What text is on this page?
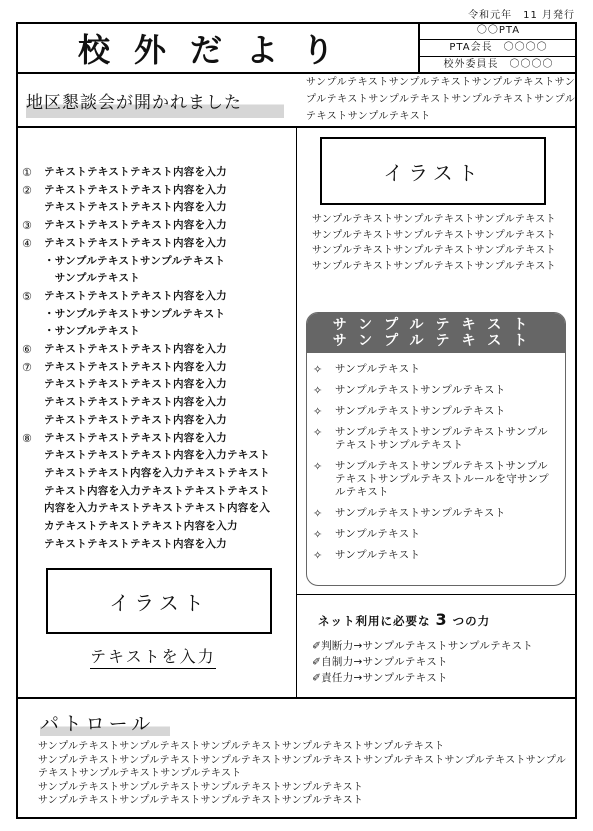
令和元年　11 月発行
校外だより
〇〇PTA
PTA会長　〇〇〇〇
校外委員長　〇〇〇〇
地区懇談会が開かれました
サンプルテキストサンプルテキストサンプルテキストサンプルテキストサンプルテキストサンプルテキストサンプルテキストサンプルテキスト
①	テキストテキストテキスト内容を入力
②	テキストテキストテキスト内容を入力
テキストテキストテキスト内容を入力
③	テキストテキストテキスト内容を入力
④	テキストテキストテキスト内容を入力
・サンプルテキストサンプルテキスト
　サンプルテキスト
⑤	テキストテキストテキスト内容を入力
・サンプルテキストサンプルテキスト
・サンプルテキスト
⑥	テキストテキストテキスト内容を入力
⑦	テキストテキストテキスト内容を入力
テキストテキストテキスト内容を入力
テキストテキストテキスト内容を入力
テキストテキストテキスト内容を入力
⑧	テキストテキストテキスト内容を入力
テキストテキストテキスト内容を入力テキスト
テキストテキスト内容を入力テキストテキスト
テキスト内容を入力テキストテキストテキスト
内容を入力テキストテキストテキスト内容を入
カテキストテキストテキスト内容を入力
テキストテキストテキスト内容を入力
イラスト
テキストを入力
イラスト
サンプルテキストサンプルテキストサンプルテキストサンプルテキストサンプルテキストサンプルテキストサンプルテキストサンプルテキストサンプルテキストサンプルテキストサンプルテキストサンプルテキスト
サンプルテキスト
サンプルテキスト
✧	サンプルテキスト
✧	サンプルテキストサンプルテキスト
✧	サンプルテキストサンプルテキスト
✧	サンプルテキストサンプルテキストサンプルテキストサンプルテキスト
✧	サンプルテキストサンプルテキストサンプルテキストサンプルテキストルールを守サンプルテキスト
✧	サンプルテキストサンプルテキスト
✧	サンプルテキスト
✧	サンプルテキスト
ネット利用に必要な 3 つの力
✐判断力→サンプルテキストサンプルテキスト
✐自制力→サンプルテキスト
✐責任力→サンプルテキスト
パトロール
サンプルテキストサンプルテキストサンプルテキストサンプルテキストサンプルテキスト
サンプルテキストサンプルテキストサンプルテキストサンプルテキストサンプルテキストサンプルテキストサンプルテキストサンプルテキストサンプルテキスト
サンプルテキストサンプルテキストサンプルテキストサンプルテキスト
サンプルテキストサンプルテキストサンプルテキストサンプルテキスト
